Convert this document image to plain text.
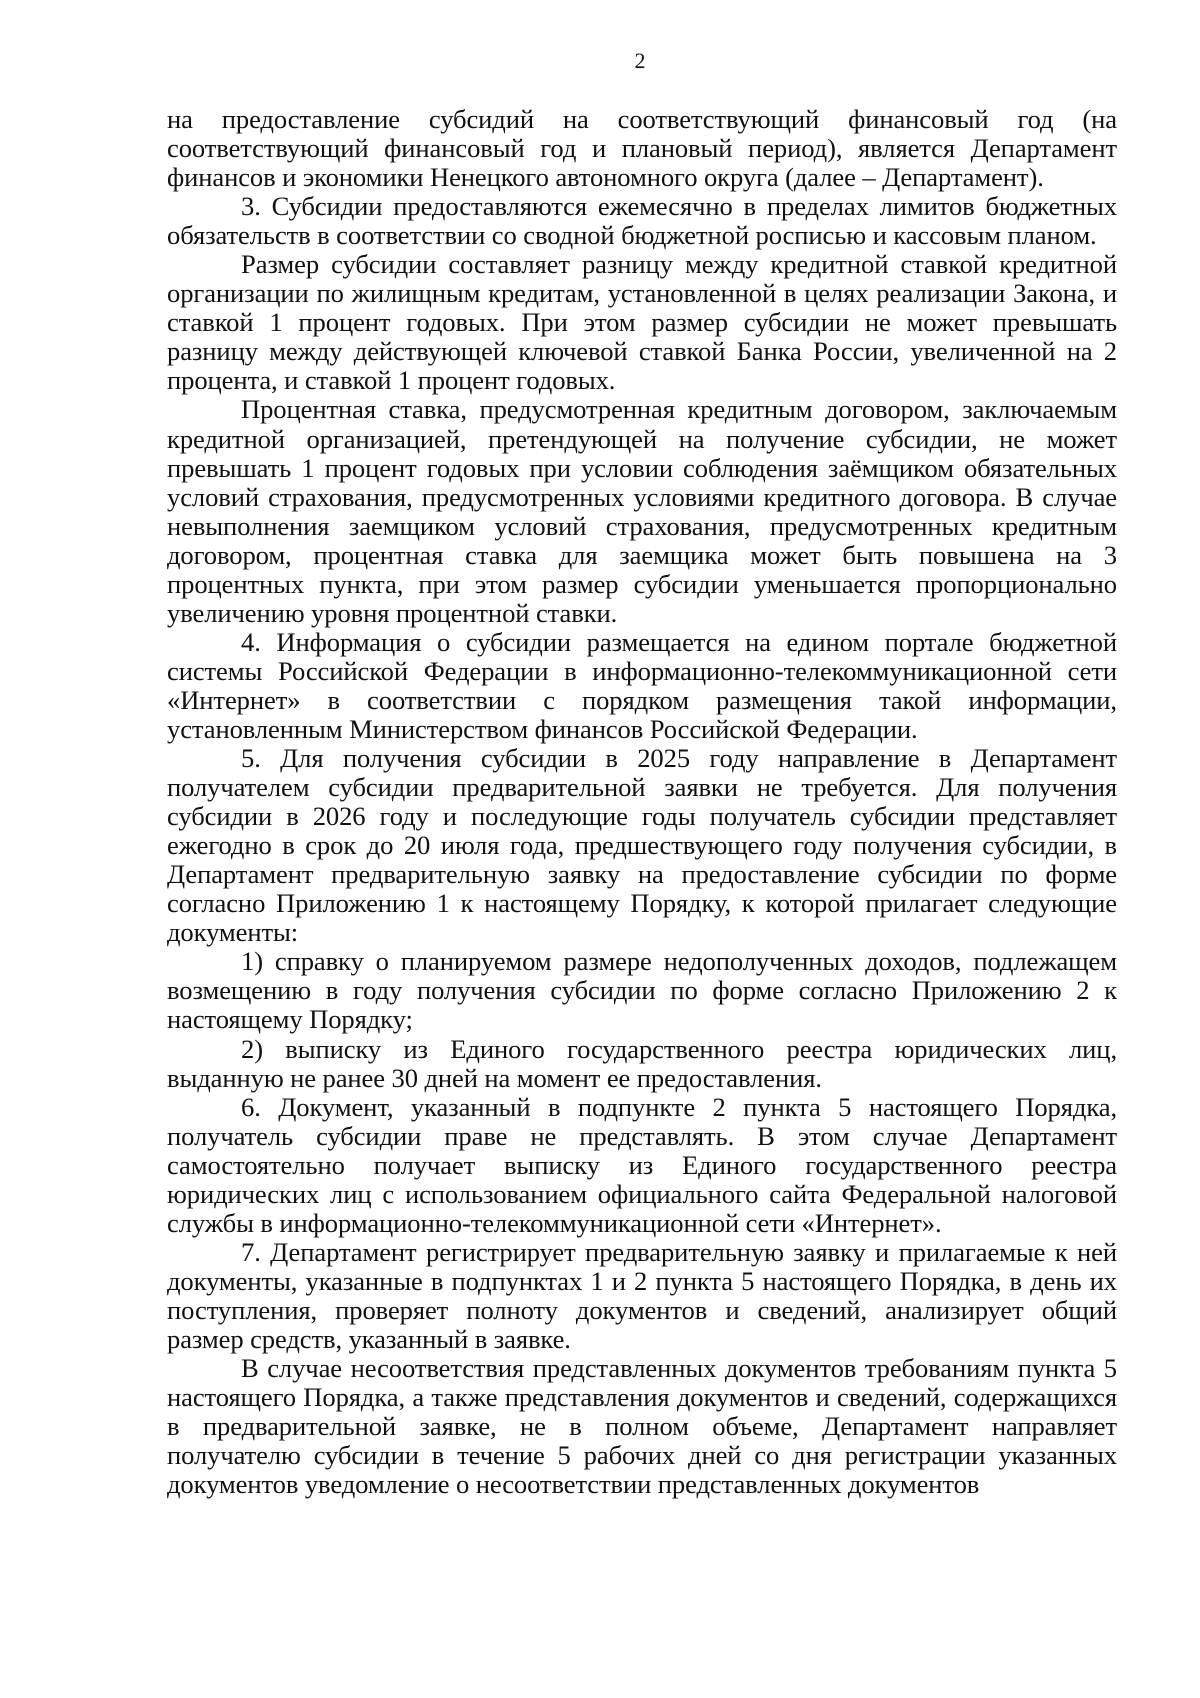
2

на предоставление субсидий на соответствующий финансовый год (на соответствующий финансовый год и плановый период), является Департамент финансов и экономики Ненецкого автономного округа (далее – Департамент).

3. Субсидии предоставляются ежемесячно в пределах лимитов бюджетных обязательств в соответствии со сводной бюджетной росписью и кассовым планом.

Размер субсидии составляет разницу между кредитной ставкой кредитной организации по жилищным кредитам, установленной в целях реализации Закона, и ставкой 1 процент годовых. При этом размер субсидии не может превышать разницу между действующей ключевой ставкой Банка России, увеличенной на 2 процента, и ставкой 1 процент годовых.

Процентная ставка, предусмотренная кредитным договором, заключаемым кредитной организацией, претендующей на получение субсидии, не может превышать 1 процент годовых при условии соблюдения заёмщиком обязательных условий страхования, предусмотренных условиями кредитного договора. В случае невыполнения заемщиком условий страхования, предусмотренных кредитным договором, процентная ставка для заемщика может быть повышена на 3 процентных пункта, при этом размер субсидии уменьшается пропорционально увеличению уровня процентной ставки.

4. Информация о субсидии размещается на едином портале бюджетной системы Российской Федерации в информационно-телекоммуникационной сети «Интернет» в соответствии с порядком размещения такой информации, установленным Министерством финансов Российской Федерации.

5. Для получения субсидии в 2025 году направление в Департамент получателем субсидии предварительной заявки не требуется. Для получения субсидии в 2026 году и последующие годы получатель субсидии представляет ежегодно в срок до 20 июля года, предшествующего году получения субсидии, в Департамент предварительную заявку на предоставление субсидии по форме согласно Приложению 1 к настоящему Порядку, к которой прилагает следующие документы:

1) справку о планируемом размере недополученных доходов, подлежащем возмещению в году получения субсидии по форме согласно Приложению 2 к настоящему Порядку;

2) выписку из Единого государственного реестра юридических лиц, выданную не ранее 30 дней на момент ее предоставления.

6. Документ, указанный в подпункте 2 пункта 5 настоящего Порядка, получатель субсидии праве не представлять. В этом случае Департамент самостоятельно получает выписку из Единого государственного реестра юридических лиц с использованием официального сайта Федеральной налоговой службы в информационно-телекоммуникационной сети «Интернет».

7. Департамент регистрирует предварительную заявку и прилагаемые к ней документы, указанные в подпунктах 1 и 2 пункта 5 настоящего Порядка, в день их поступления, проверяет полноту документов и сведений, анализирует общий размер средств, указанный в заявке.

В случае несоответствия представленных документов требованиям пункта 5 настоящего Порядка, а также представления документов и сведений, содержащихся в предварительной заявке, не в полном объеме, Департамент направляет получателю субсидии в течение 5 рабочих дней со дня регистрации указанных документов уведомление о несоответствии представленных документов
